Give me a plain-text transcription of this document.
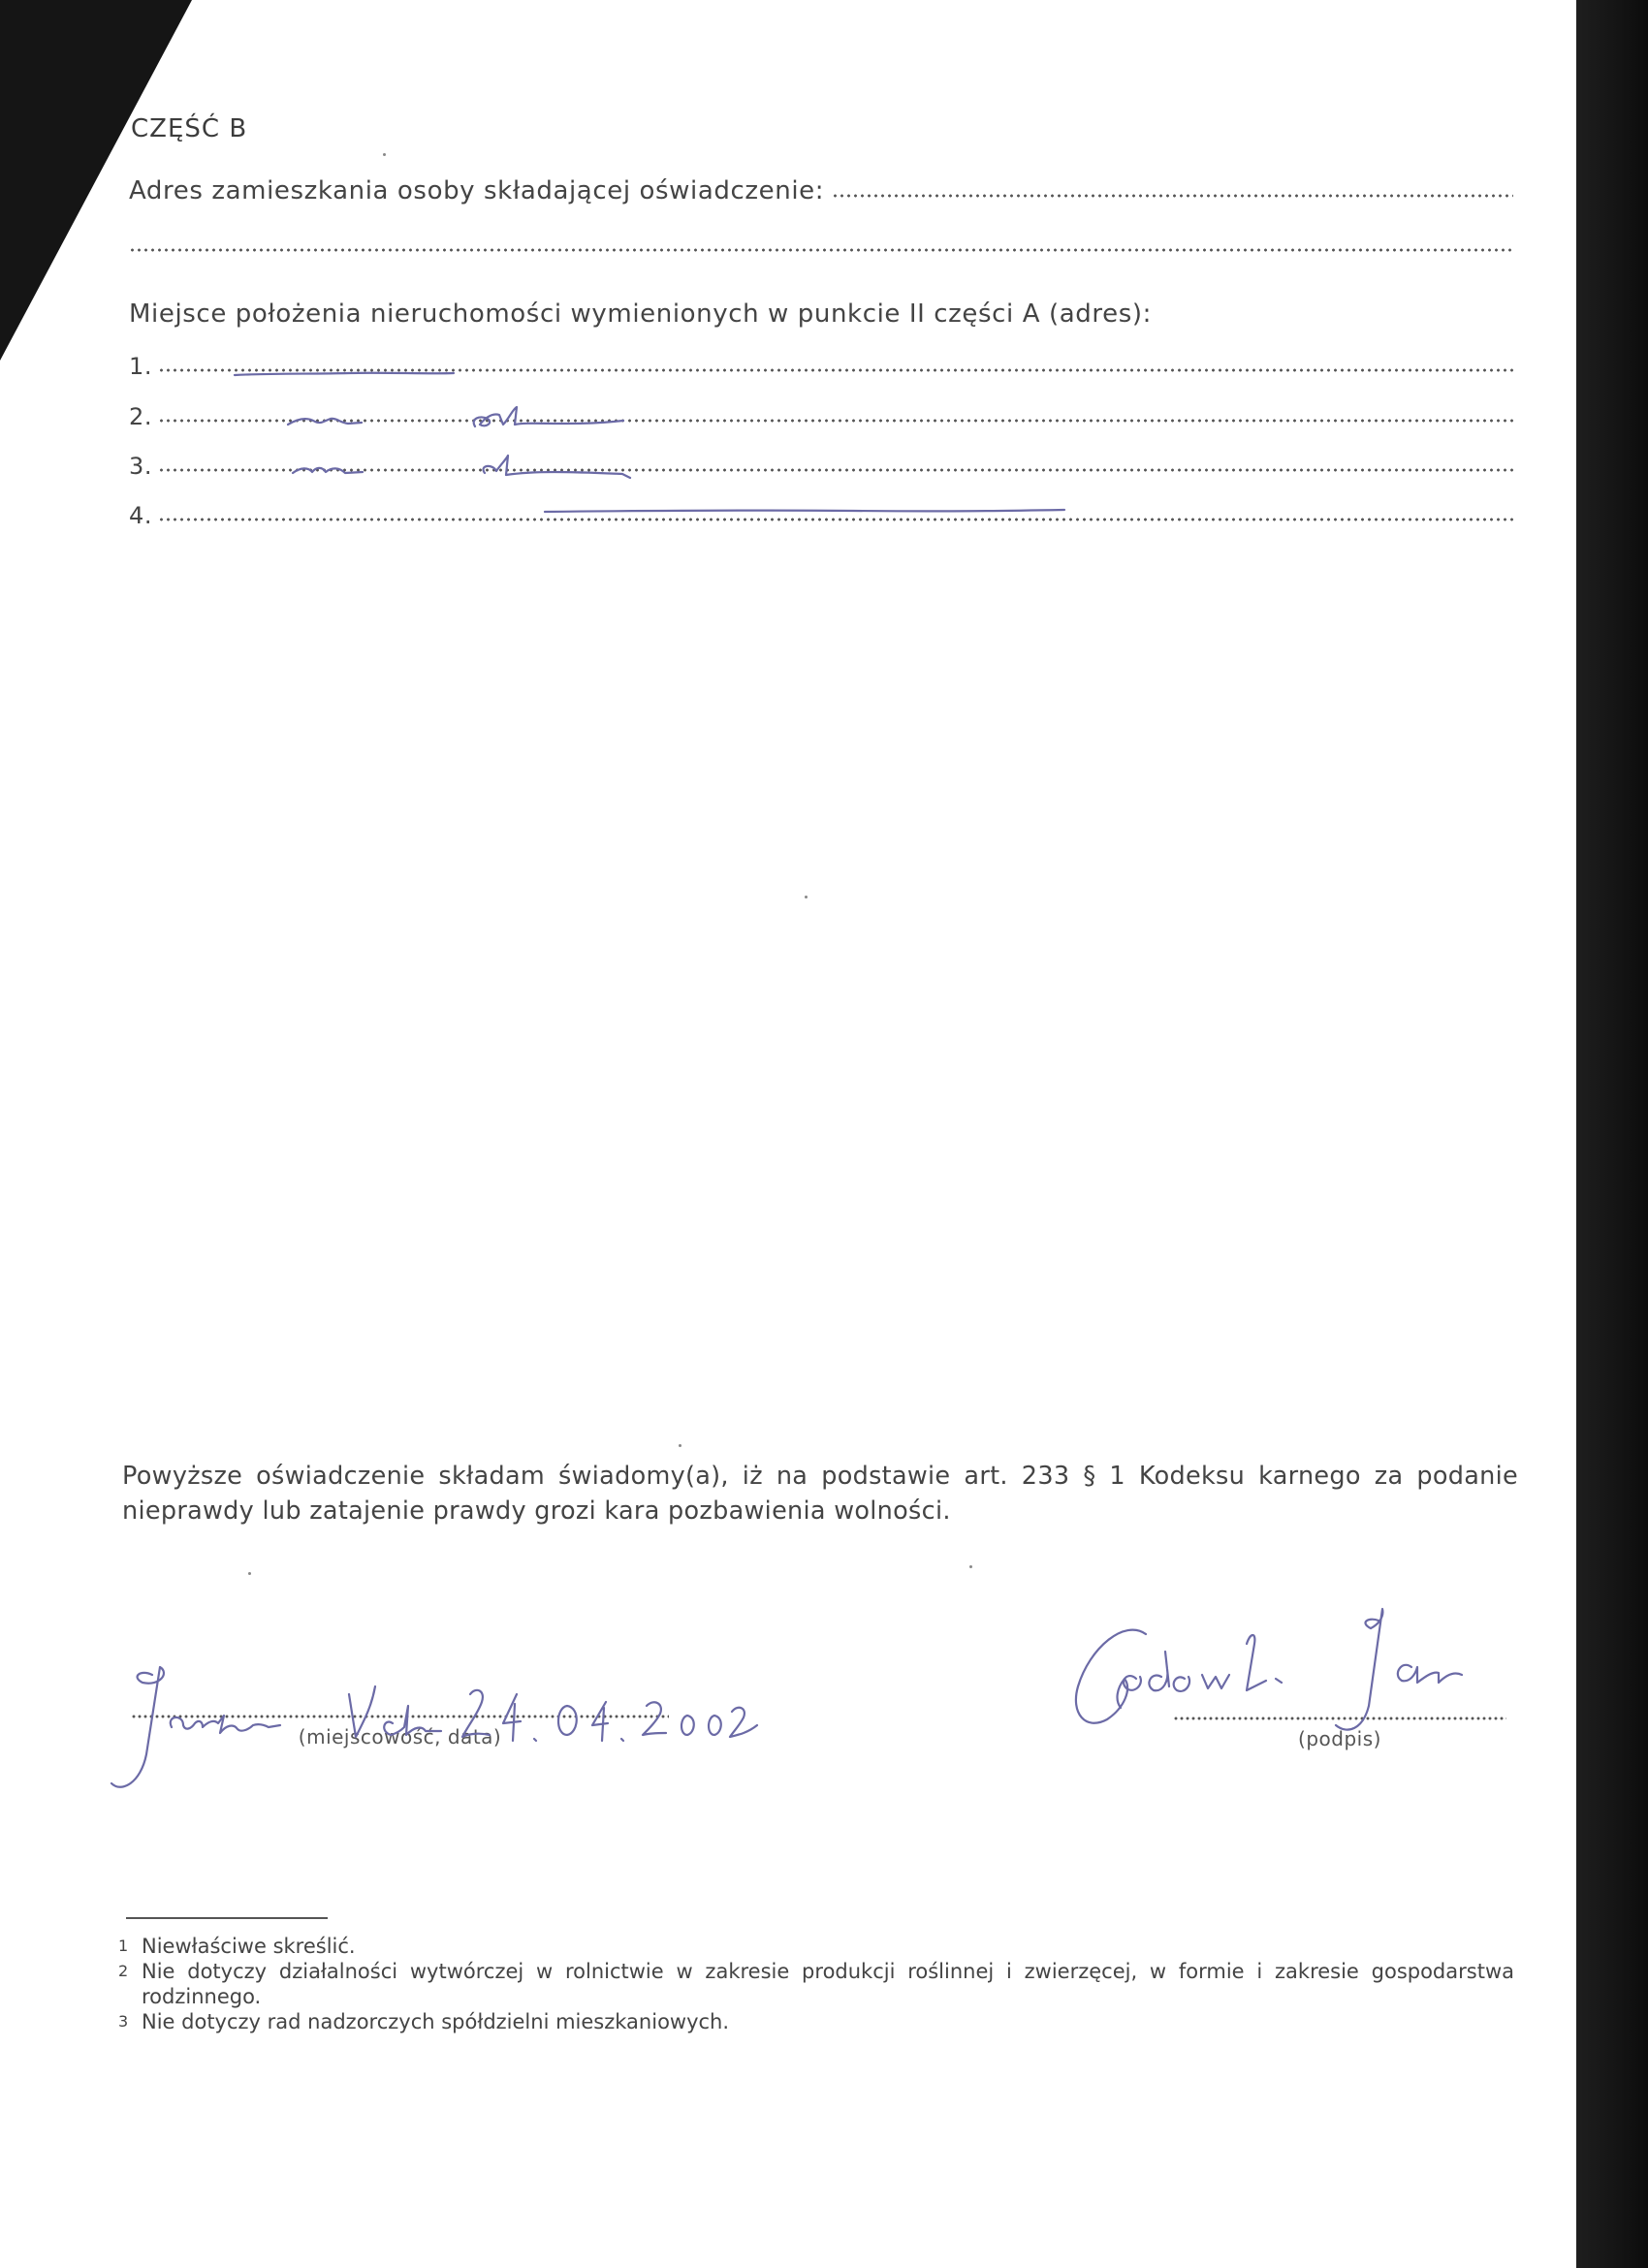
CZĘŚĆ B
Adres zamieszkania osoby składającej oświadczenie:
Miejsce położenia nieruchomości wymienionych w punkcie II części A (adres):
1.
2.
3.
4.
Powyższe oświadczenie składam świadomy(a), iż na podstawie art. 233 § 1 Kodeksu karnego za podanie nieprawdy lub zatajenie prawdy grozi kara pozbawienia wolności.
(miejscowość, data)	(podpis)
1 Niewłaściwe skreślić.
2 Nie dotyczy działalności wytwórczej w rolnictwie w zakresie produkcji roślinnej i zwierzęcej, w formie i zakresie gospodarstwa rodzinnego.
3 Nie dotyczy rad nadzorczych spółdzielni mieszkaniowych.
